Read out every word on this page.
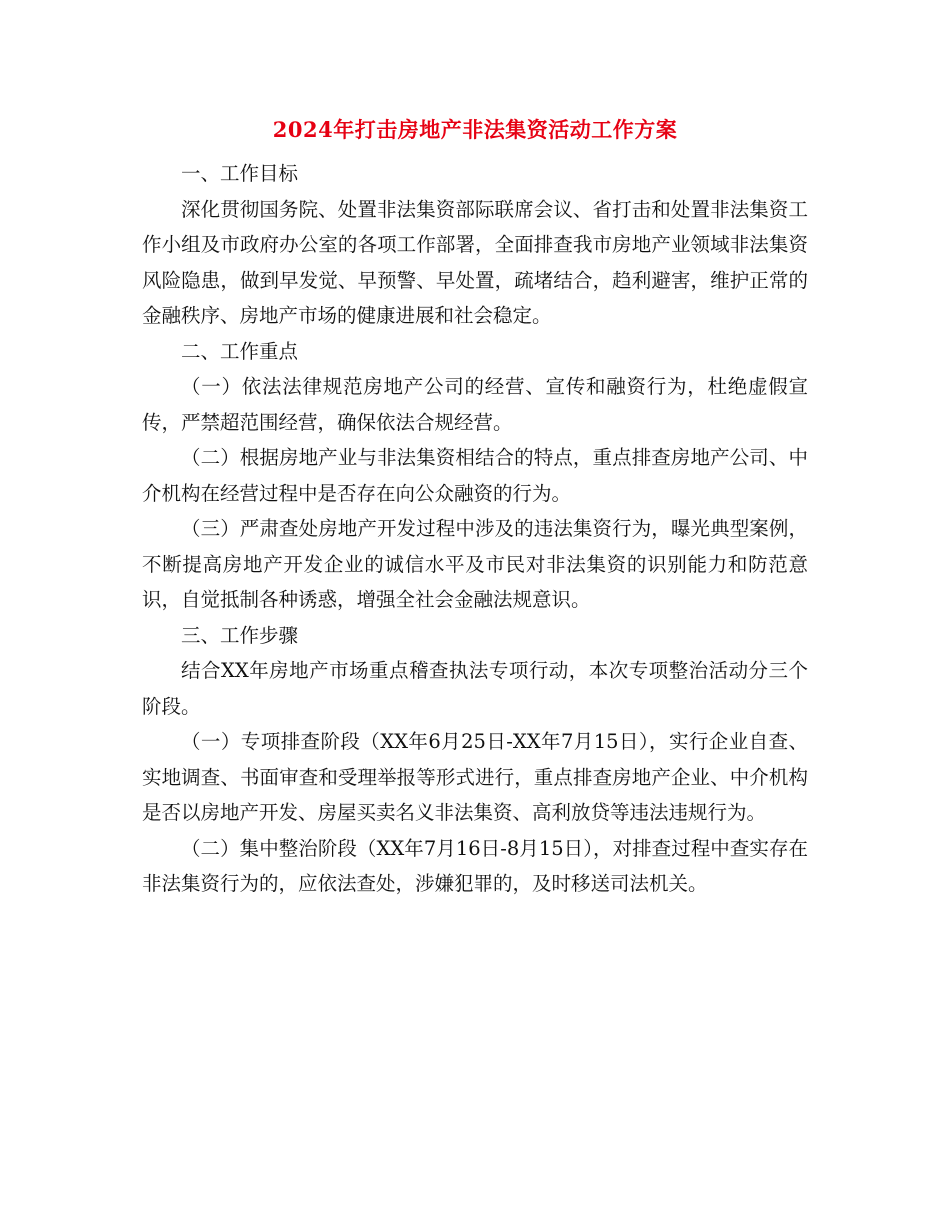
2024年打击房地产非法集资活动工作方案

一、工作目标

深化贯彻国务院、处置非法集资部际联席会议、省打击和处置非法集资工作小组及市政府办公室的各项工作部署，全面排查我市房地产业领域非法集资风险隐患，做到早发觉、早预警、早处置，疏堵结合，趋利避害，维护正常的金融秩序、房地产市场的健康进展和社会稳定。

二、工作重点

（一）依法法律规范房地产公司的经营、宣传和融资行为，杜绝虚假宣传，严禁超范围经营，确保依法合规经营。

（二）根据房地产业与非法集资相结合的特点，重点排查房地产公司、中介机构在经营过程中是否存在向公众融资的行为。

（三）严肃查处房地产开发过程中涉及的违法集资行为，曝光典型案例，不断提高房地产开发企业的诚信水平及市民对非法集资的识别能力和防范意识，自觉抵制各种诱惑，增强全社会金融法规意识。

三、工作步骤

结合XX年房地产市场重点稽查执法专项行动，本次专项整治活动分三个阶段。

（一）专项排查阶段（XX年6月25日-XX年7月15日），实行企业自查、实地调查、书面审查和受理举报等形式进行，重点排查房地产企业、中介机构是否以房地产开发、房屋买卖名义非法集资、高利放贷等违法违规行为。

（二）集中整治阶段（XX年7月16日-8月15日），对排查过程中查实存在非法集资行为的，应依法查处，涉嫌犯罪的，及时移送司法机关。
